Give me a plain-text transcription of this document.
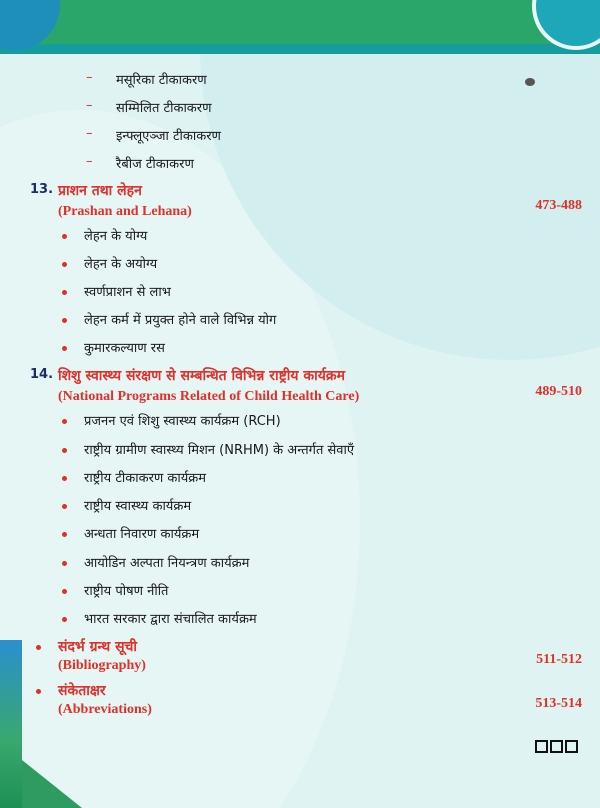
– मसूरिका टीकाकरण
– सम्मिलित टीकाकरण
– इन्फ्लूएञ्जा टीकाकरण
– रैबीज टीकाकरण
13. प्राशन तथा लेहन
(Prashan and Lehana)	473-488
लेहन के योग्य
लेहन के अयोग्य
स्वर्णप्राशन से लाभ
लेहन कर्म में प्रयुक्त होने वाले विभिन्न योग
कुमारकल्याण रस
14. शिशु स्वास्थ्य संरक्षण से सम्बन्धित विभिन्न राष्ट्रीय कार्यक्रम
(National Programs Related of Child Health Care)	489-510
प्रजनन एवं शिशु स्वास्थ्य कार्यक्रम (RCH)
राष्ट्रीय ग्रामीण स्वास्थ्य मिशन (NRHM) के अन्तर्गत सेवाएँ
राष्ट्रीय टीकाकरण कार्यक्रम
राष्ट्रीय स्वास्थ्य कार्यक्रम
अन्धता निवारण कार्यक्रम
आयोडिन अल्पता नियन्त्रण कार्यक्रम
राष्ट्रीय पोषण नीति
भारत सरकार द्वारा संचालित कार्यक्रम
संदर्भ ग्रन्थ सूची
(Bibliography)	511-512
संकेताक्षर
(Abbreviations)	513-514
